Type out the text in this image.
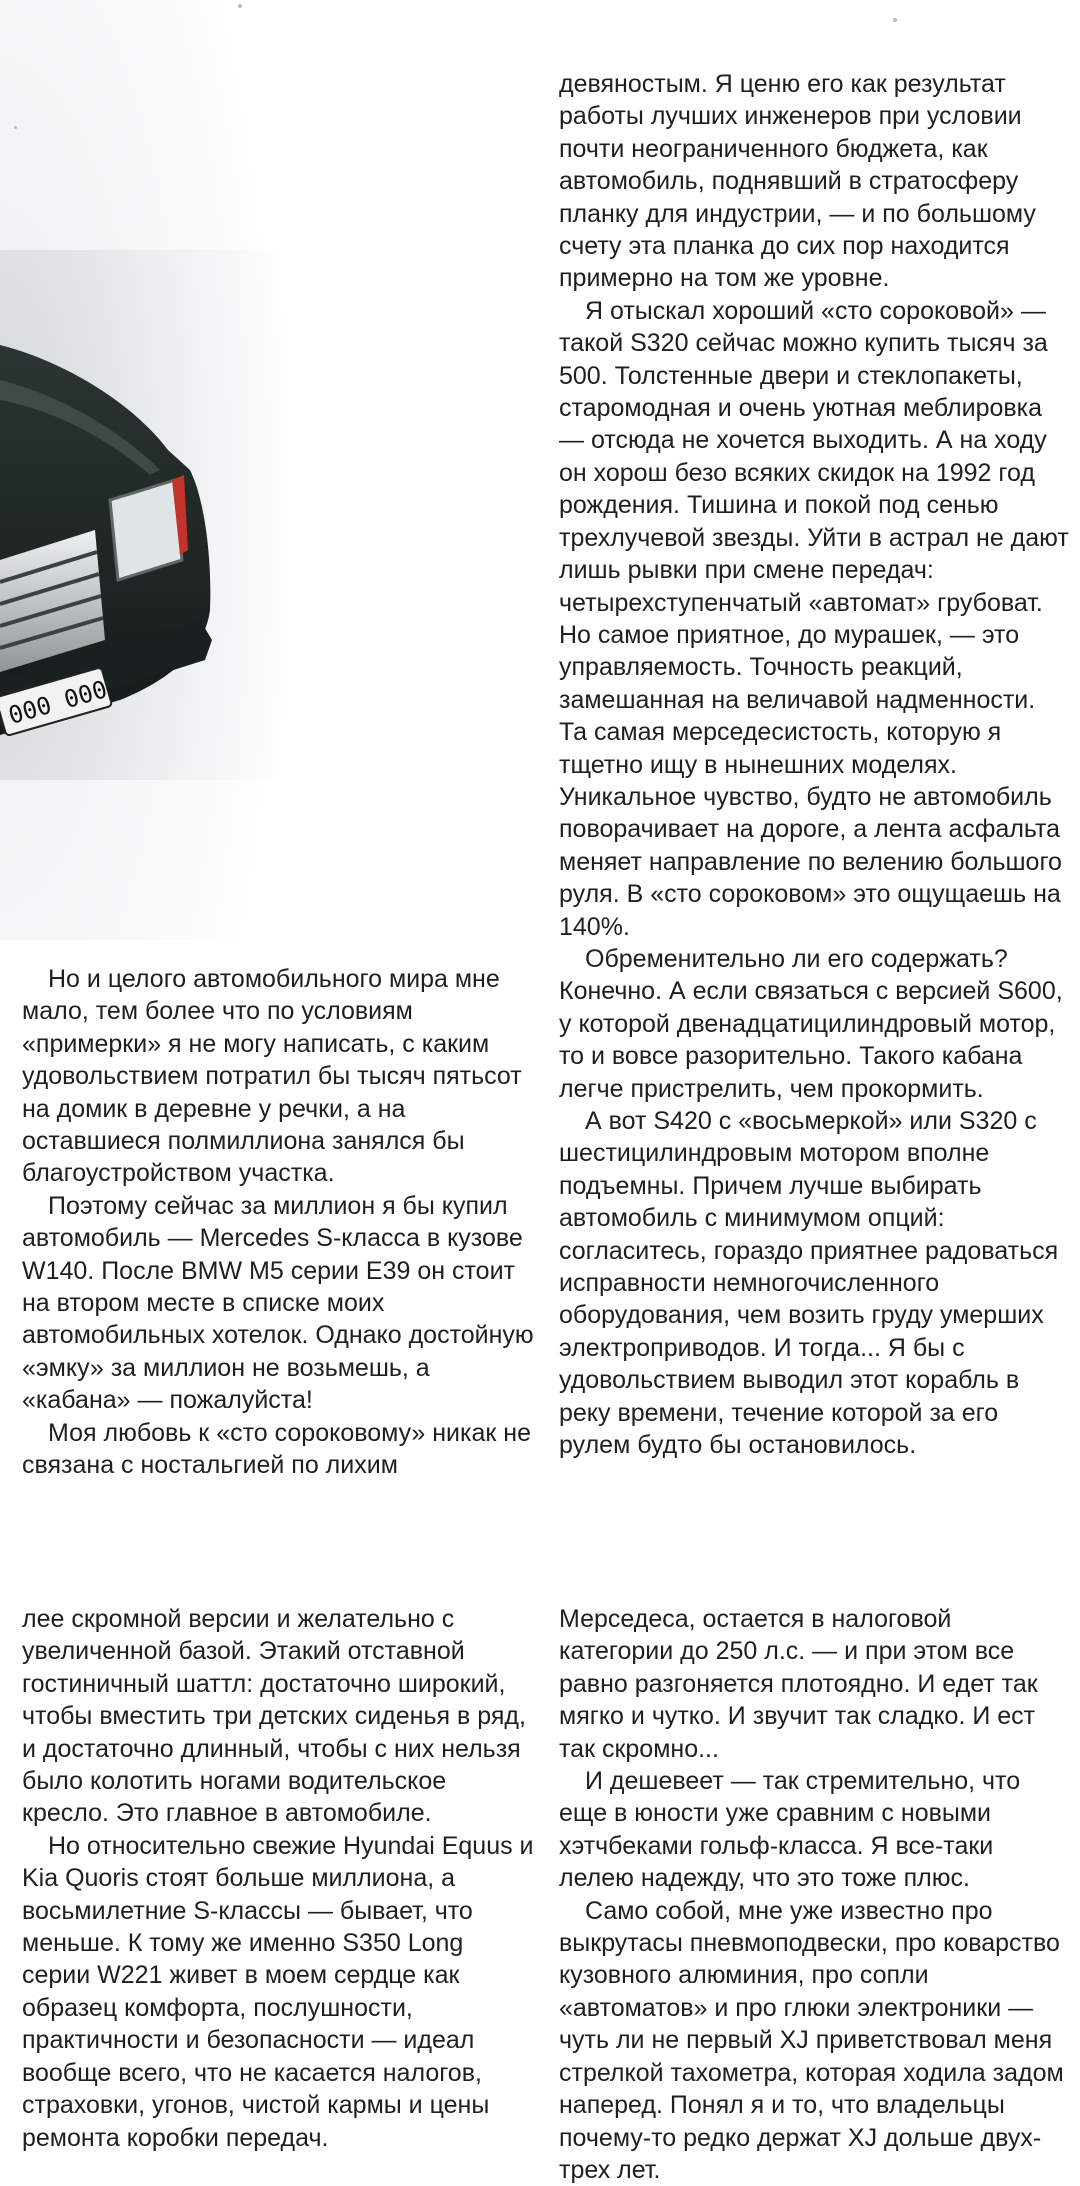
000 000

девяностым. Я ценю его как результат работы лучших инженеров при условии почти неограниченного бюджета, как автомобиль, поднявший в стратосферу планку для индустрии, — и по большому счету эта планка до сих пор находится примерно на том же уровне.

Я отыскал хороший «сто сороковой» — такой S320 сейчас можно купить тысяч за 500. Толстенные двери и стеклопакеты, старомодная и очень уютная меблировка — отсюда не хочется выходить. А на ходу он хорош безо всяких скидок на 1992 год рождения. Тишина и покой под сенью трехлучевой звезды. Уйти в астрал не дают лишь рывки при смене передач: четырехступенчатый «автомат» грубоват. Но самое приятное, до мурашек, — это управляемость. Точность реакций, замешанная на величавой надменности. Та самая мерседесистость, которую я тщетно ищу в нынешних моделях. Уникальное чувство, будто не автомобиль поворачивает на дороге, а лента асфальта меняет направление по велению большого руля. В «сто сороковом» это ощущаешь на 140%.

Обременительно ли его содержать? Конечно. А если связаться с версией S600, у которой двенадцатицилиндровый мотор, то и вовсе разорительно. Такого кабана легче пристрелить, чем прокормить.

А вот S420 с «восьмеркой» или S320 с шестицилиндровым мотором вполне подъемны. Причем лучше выбирать автомобиль с минимумом опций: согласитесь, гораздо приятнее радоваться исправности немногочисленного оборудования, чем возить груду умерших электроприводов. И тогда... Я бы с удовольствием выводил этот корабль в реку времени, течение которой за его рулем будто бы остановилось.

Но и целого автомобильного мира мне мало, тем более что по условиям «примерки» я не могу написать, с каким удовольствием потратил бы тысяч пятьсот на домик в деревне у речки, а на оставшиеся полмиллиона занялся бы благоустройством участка.

Поэтому сейчас за миллион я бы купил автомобиль — Mercedes S-класса в кузове W140. После BMW M5 серии E39 он стоит на втором месте в списке моих автомобильных хотелок. Однако достойную «эмку» за миллион не возьмешь, а «кабана» — пожалуйста!

Моя любовь к «сто сороковому» никак не связана с ностальгией по лихим

лее скромной версии и желательно с увеличенной базой. Этакий отставной гостиничный шаттл: достаточно широкий, чтобы вместить три детских сиденья в ряд, и достаточно длинный, чтобы с них нельзя было колотить ногами водительское кресло. Это главное в автомобиле.

Но относительно свежие Hyundai Equus и Kia Quoris стоят больше миллиона, а восьмилетние S-классы — бывает, что меньше. К тому же именно S350 Long серии W221 живет в моем сердце как образец комфорта, послушности, практичности и безопасности — идеал вообще всего, что не касается налогов, страховки, угонов, чистой кармы и цены ремонта коробки передач.

Мерседеса, остается в налоговой категории до 250 л.с. — и при этом все равно разгоняется плотоядно. И едет так мягко и чутко. И звучит так сладко. И ест так скромно...

И дешевеет — так стремительно, что еще в юности уже сравним с новыми хэтчбеками гольф-класса. Я все-таки лелею надежду, что это тоже плюс.

Само собой, мне уже известно про выкрутасы пневмоподвески, про коварство кузовного алюминия, про сопли «автоматов» и про глюки электроники — чуть ли не первый XJ приветствовал меня стрелкой тахометра, которая ходила задом наперед. Понял я и то, что владельцы почему-то редко держат XJ дольше двух-трех лет.
